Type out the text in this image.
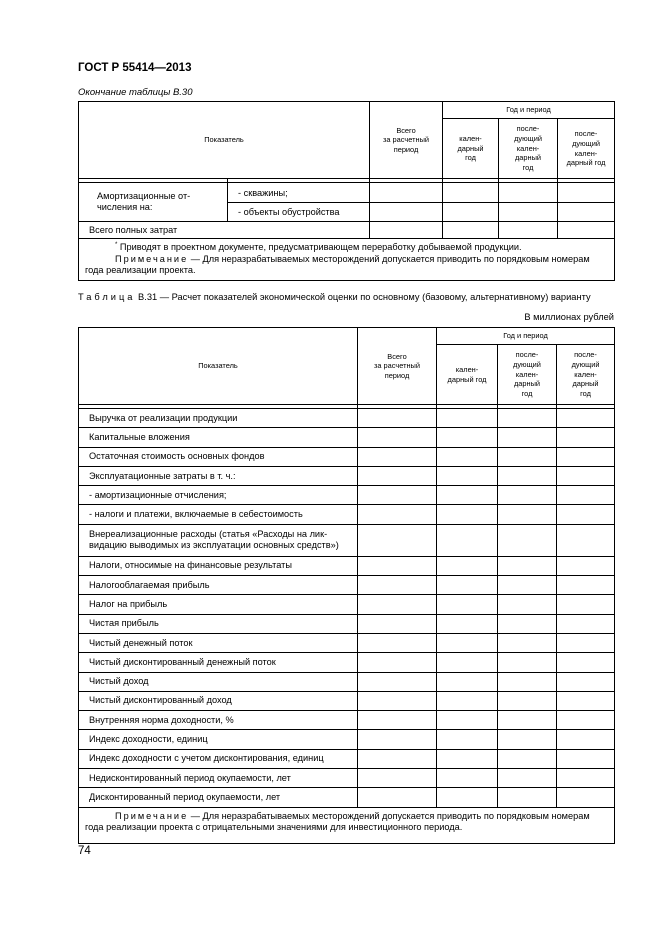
ГОСТ Р 55414—2013
Окончание таблицы В.30
Показатель		Всего
за расчетный
период	Год и период		
			кален-
дарный
год	после-
дующий
кален-
дарный
год	после-
дующий
кален-
дарный год

Амортизационные от-
числения на:	- скважины;				
	- объекты обустройства				
Всего полных затрат					

* Приводят в проектном документе, предусматривающем переработку добываемой продукции.
Примечание — Для неразрабатываемых месторождений допускается приводить по порядковым номерам года реализации проекта.					
Таблица В.31 — Расчет показателей экономической оценки по основному (базовому, альтернативному) варианту
В миллионах рублей
Показатель	Всего
за расчетный
период	Год и период		
		кален-
дарный год	после-
дующий
кален-
дарный
год	после-
дующий
кален-
дарный
год

Выручка от реализации продукции				
Капитальные вложения				
Остаточная стоимость основных фондов				
Эксплуатационные затраты в т. ч.:				
- амортизационные отчисления;				
- налоги и платежи, включаемые в себестоимость				
Внереализационные расходы (статья «Расходы на лик-
видацию выводимых из эксплуатации основных средств»)				
Налоги, относимые на финансовые результаты				
Налогооблагаемая прибыль				
Налог на прибыль				
Чистая прибыль				
Чистый денежный поток				
Чистый дисконтированный денежный поток				
Чистый доход				
Чистый дисконтированный доход				
Внутренняя норма доходности, %				
Индекс доходности, единиц				
Индекс доходности с учетом дисконтирования, единиц				
Недисконтированный период окупаемости, лет				
Дисконтированный период окупаемости, лет				

Примечание — Для неразрабатываемых месторождений допускается приводить по порядковым номерам года реализации проекта с отрицательными значениями для инвестиционного периода.				
74
